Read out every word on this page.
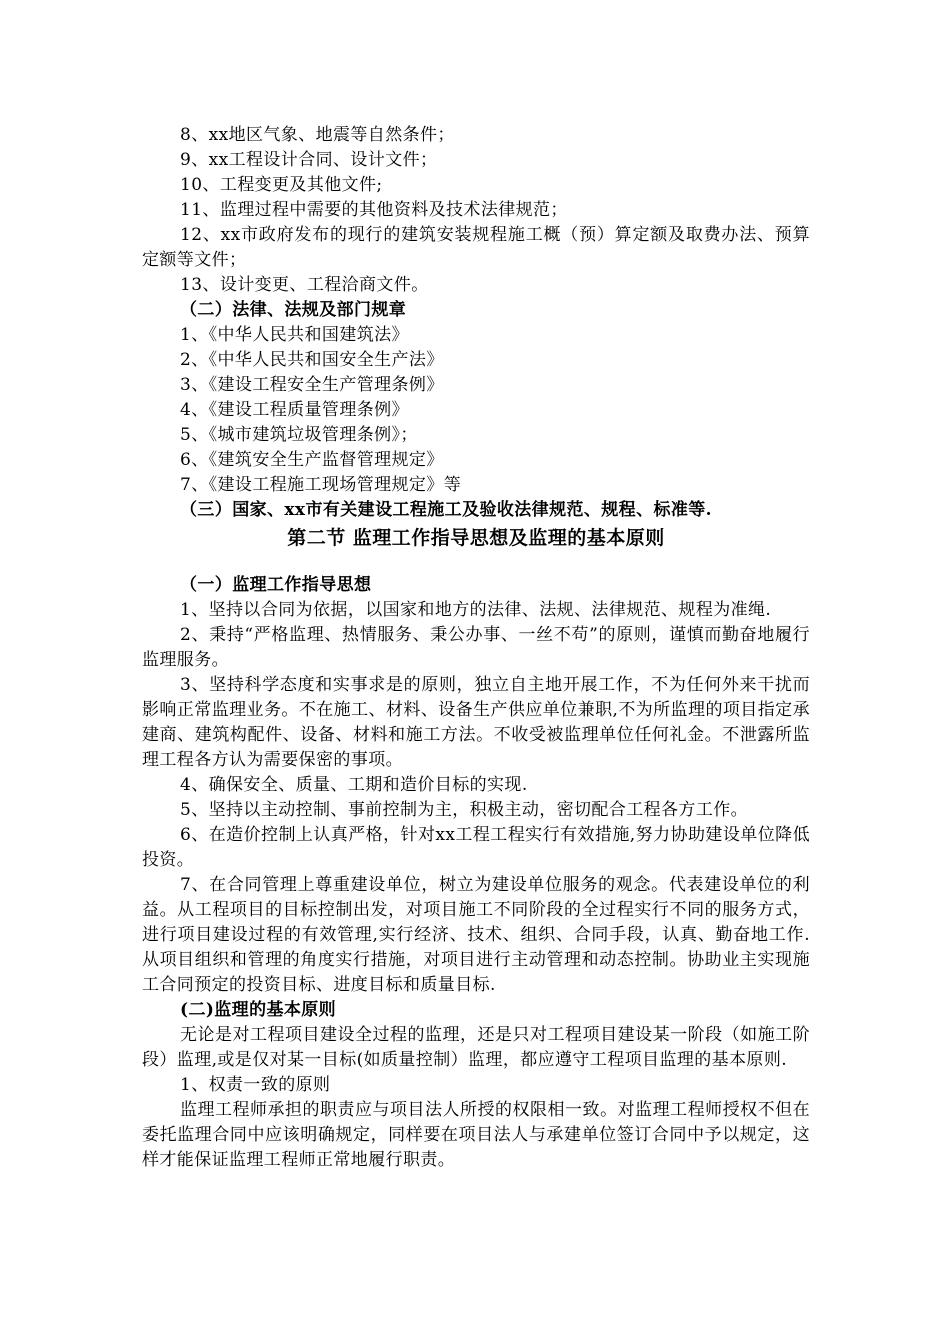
8、xx地区气象、地震等自然条件；

9、xx工程设计合同、设计文件；

10、工程变更及其他文件;

11、监理过程中需要的其他资料及技术法律规范；

12、xx市政府发布的现行的建筑安装规程施工概（预）算定额及取费办法、预算定额等文件；

13、设计变更、工程洽商文件。

（二）法律、法规及部门规章

1、《中华人民共和国建筑法》

2、《中华人民共和国安全生产法》

3、《建设工程安全生产管理条例》

4、《建设工程质量管理条例》

5、《城市建筑垃圾管理条例》；

6、《建筑安全生产监督管理规定》

7、《建设工程施工现场管理规定》等

（三）国家、xx市有关建设工程施工及验收法律规范、规程、标准等.

第二节 监理工作指导思想及监理的基本原则

（一）监理工作指导思想

1、坚持以合同为依据，以国家和地方的法律、法规、法律规范、规程为准绳.

2、秉持“严格监理、热情服务、秉公办事、一丝不苟”的原则，谨慎而勤奋地履行监理服务。

3、坚持科学态度和实事求是的原则，独立自主地开展工作，不为任何外来干扰而影响正常监理业务。不在施工、材料、设备生产供应单位兼职,不为所监理的项目指定承建商、建筑构配件、设备、材料和施工方法。不收受被监理单位任何礼金。不泄露所监理工程各方认为需要保密的事项。

4、确保安全、质量、工期和造价目标的实现.

5、坚持以主动控制、事前控制为主，积极主动，密切配合工程各方工作。

6、在造价控制上认真严格，针对xx工程工程实行有效措施,努力协助建设单位降低投资。

7、在合同管理上尊重建设单位，树立为建设单位服务的观念。代表建设单位的利益。从工程项目的目标控制出发，对项目施工不同阶段的全过程实行不同的服务方式，进行项目建设过程的有效管理,实行经济、技术、组织、合同手段，认真、勤奋地工作.从项目组织和管理的角度实行措施，对项目进行主动管理和动态控制。协助业主实现施工合同预定的投资目标、进度目标和质量目标.

(二)监理的基本原则

无论是对工程项目建设全过程的监理，还是只对工程项目建设某一阶段（如施工阶段）监理,或是仅对某一目标(如质量控制）监理，都应遵守工程项目监理的基本原则.

1、权责一致的原则

监理工程师承担的职责应与项目法人所授的权限相一致。对监理工程师授权不但在委托监理合同中应该明确规定，同样要在项目法人与承建单位签订合同中予以规定，这样才能保证监理工程师正常地履行职责。
